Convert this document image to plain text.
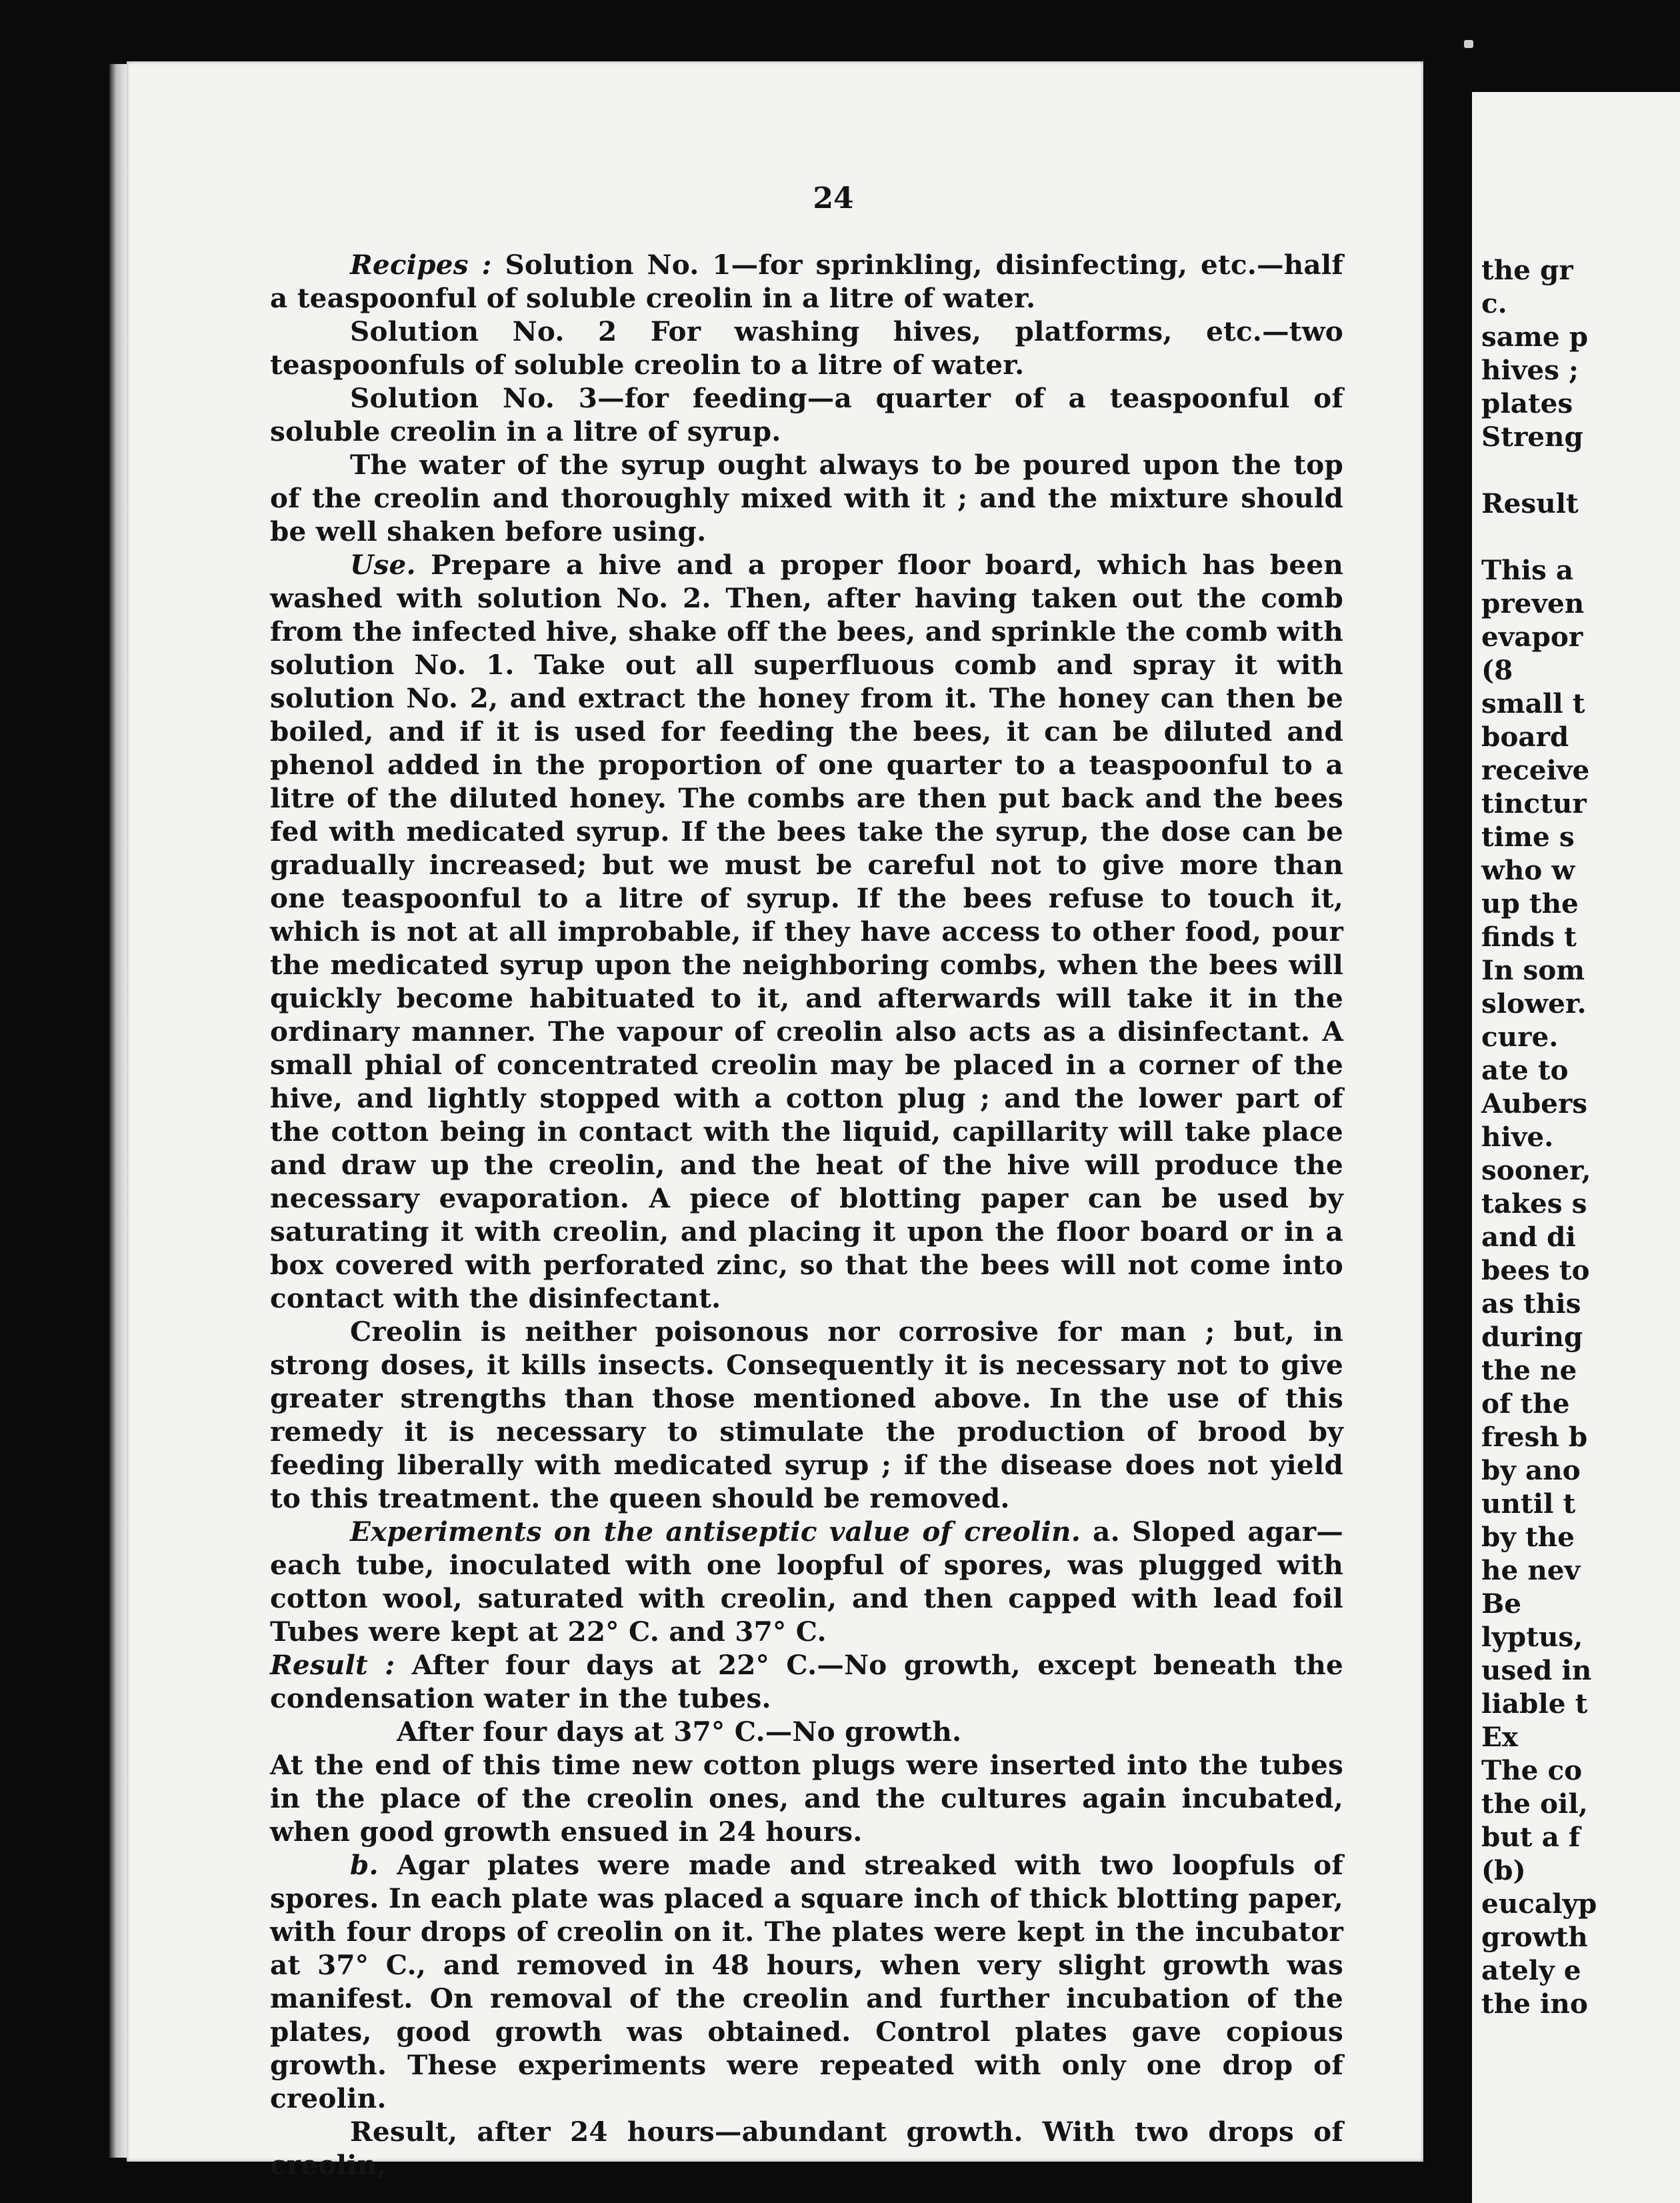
24

Recipes : Solution No. 1—for sprinkling, disinfecting, etc.—half a teaspoonful of soluble creolin in a litre of water.

Solution No. 2 For washing hives, platforms, etc.—two teaspoonfuls of soluble creolin to a litre of water.

Solution No. 3—for feeding—a quarter of a teaspoonful of soluble creolin in a litre of syrup.

The water of the syrup ought always to be poured upon the top of the creolin and thoroughly mixed with it ; and the mixture should be well shaken before using.

Use. Prepare a hive and a proper floor board, which has been washed with solution No. 2. Then, after having taken out the comb from the infected hive, shake off the bees, and sprinkle the comb with solution No. 1. Take out all superfluous comb and spray it with solution No. 2, and extract the honey from it. The honey can then be boiled, and if it is used for feeding the bees, it can be diluted and phenol added in the proportion of one quarter to a teaspoonful to a litre of the diluted honey. The combs are then put back and the bees fed with medicated syrup. If the bees take the syrup, the dose can be gradually increased; but we must be careful not to give more than one teaspoonful to a litre of syrup. If the bees refuse to touch it, which is not at all improbable, if they have access to other food, pour the medicated syrup upon the neighboring combs, when the bees will quickly become habituated to it, and afterwards will take it in the ordinary manner. The vapour of creolin also acts as a disinfectant. A small phial of concentrated creolin may be placed in a corner of the hive, and lightly stopped with a cotton plug ; and the lower part of the cotton being in contact with the liquid, capillarity will take place and draw up the creolin, and the heat of the hive will produce the necessary evaporation. A piece of blotting paper can be used by saturating it with creolin, and placing it upon the floor board or in a box covered with perforated zinc, so that the bees will not come into contact with the disinfectant.

Creolin is neither poisonous nor corrosive for man ; but, in strong doses, it kills insects. Consequently it is necessary not to give greater strengths than those mentioned above. In the use of this remedy it is necessary to stimulate the production of brood by feeding liberally with medicated syrup ; if the disease does not yield to this treatment. the queen should be removed.

Experiments on the antiseptic value of creolin. a. Sloped agar—each tube, inoculated with one loopful of spores, was plugged with cotton wool, saturated with creolin, and then capped with lead foil Tubes were kept at 22° C. and 37° C.

Result : After four days at 22° C.—No growth, except beneath the condensation water in the tubes.

After four days at 37° C.—No growth.

At the end of this time new cotton plugs were inserted into the tubes in the place of the creolin ones, and the cultures again incubated, when good growth ensued in 24 hours.

b. Agar plates were made and streaked with two loopfuls of spores. In each plate was placed a square inch of thick blotting paper, with four drops of creolin on it. The plates were kept in the incubator at 37° C., and removed in 48 hours, when very slight growth was manifest. On removal of the creolin and further incubation of the plates, good growth was obtained. Control plates gave copious growth. These experiments were repeated with only one drop of creolin.

Result, after 24 hours—abundant growth. With two drops of creolin,

the gr
c.
same p
hives ;
plates
Streng
Result
This a
preven
evapor
(8
small t
board
receive
tinctur
time s
who w
up the
finds t
In som
slower.
cure.
ate to
Aubers
hive.
sooner,
takes s
and di
bees to
as this
during
the ne
of the
fresh b
by ano
until t
by the
he nev
Be
lyptus,
used in
liable t
Ex
The co
the oil,
but a f
(b)
eucalyp
growth
ately e
the ino
